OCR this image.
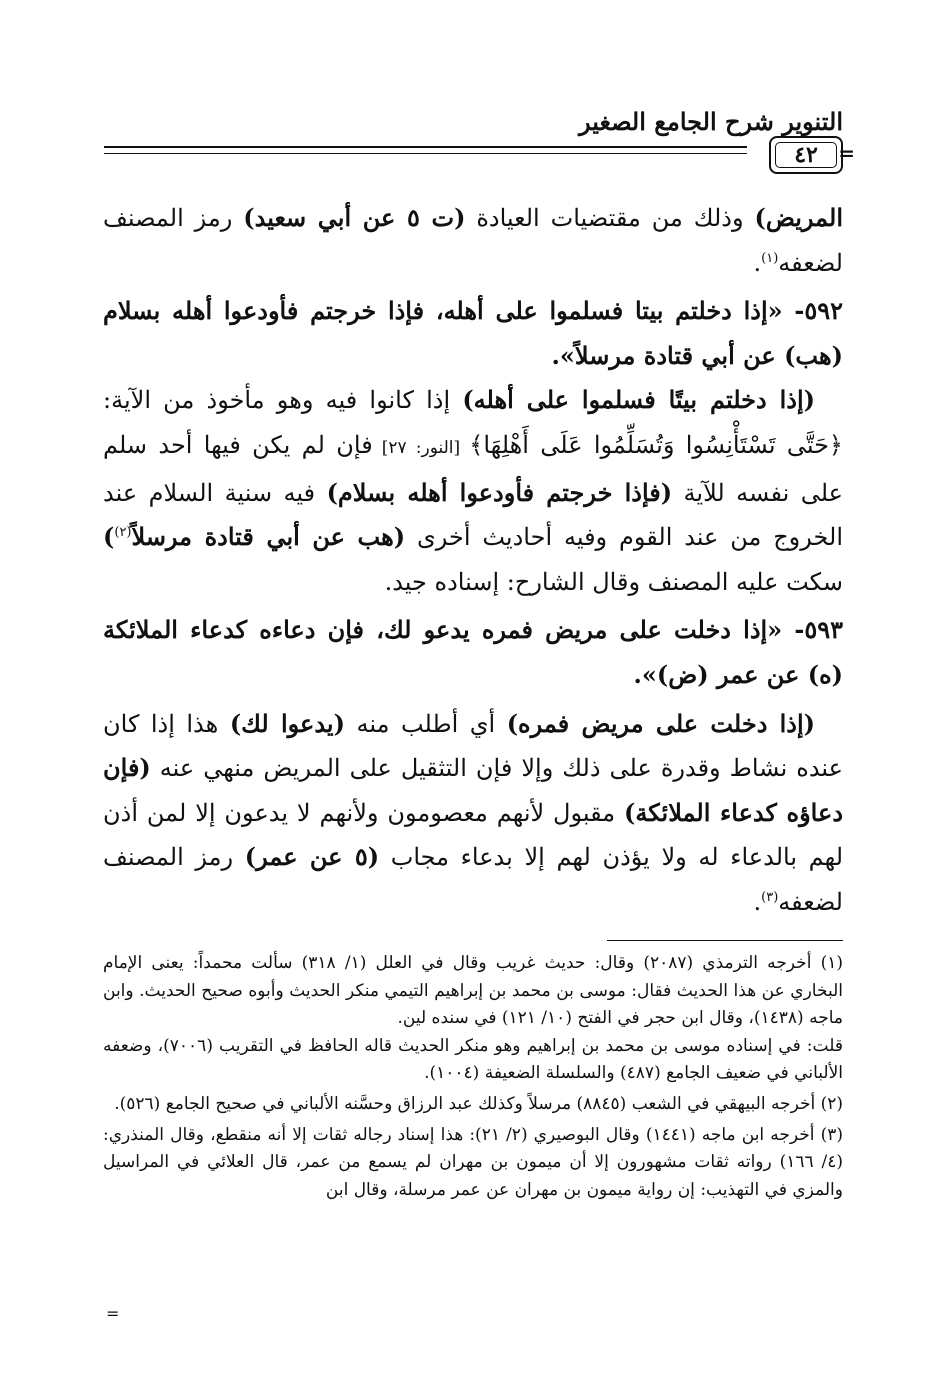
التنوير شرح الجامع الصغير
٤٢ =

المريض) وذلك من مقتضيات العيادة (ت ٥ عن أبي سعيد) رمز المصنف لضعفه$^{(١)}$.

٥٩٢- «إذا دخلتم بيتا فسلموا على أهله، فإذا خرجتم فأودعوا أهله بسلام (هب) عن أبي قتادة مرسلاً».

(إذا دخلتم بيتًا فسلموا على أهله) إذا كانوا فيه وهو مأخوذ من الآية: ﴿حَتَّى تَسْتَأْنِسُوا وَتُسَلِّمُوا عَلَى أَهْلِهَا﴾ [النور: ٢٧] فإن لم يكن فيها أحد سلم على نفسه للآية (فإذا خرجتم فأودعوا أهله بسلام) فيه سنية السلام عند الخروج من عند القوم وفيه أحاديث أخرى (هب عن أبي قتادة مرسلاً$^{(٢)}$) سكت عليه المصنف وقال الشارح: إسناده جيد.

٥٩٣- «إذا دخلت على مريض فمره يدعو لك، فإن دعاءه كدعاء الملائكة (ه) عن عمر (ض)».

(إذا دخلت على مريض فمره) أي أطلب منه (يدعوا لك) هذا إذا كان عنده نشاط وقدرة على ذلك وإلا فإن التثقيل على المريض منهي عنه (فإن دعاؤه كدعاء الملائكة) مقبول لأنهم معصومون ولأنهم لا يدعون إلا لمن أذن لهم بالدعاء له ولا يؤذن لهم إلا بدعاء مجاب (٥ عن عمر) رمز المصنف لضعفه$^{(٣)}$.

(١) أخرجه الترمذي (٢٠٨٧) وقال: حديث غريب وقال في العلل (١/ ٣١٨) سألت محمداً: يعنى الإمام البخاري عن هذا الحديث فقال: موسى بن محمد بن إبراهيم التيمي منكر الحديث وأبوه صحيح الحديث. وابن ماجه (١٤٣٨)، وقال ابن حجر في الفتح (١٠/ ١٢١) في سنده لين.

قلت: في إسناده موسى بن محمد بن إبراهيم وهو منكر الحديث قاله الحافظ في التقريب (٧٠٠٦)، وضعفه الألباني في ضعيف الجامع (٤٨٧) والسلسلة الضعيفة (١٠٠٤).

(٢) أخرجه البيهقي في الشعب (٨٨٤٥) مرسلاً وكذلك عبد الرزاق وحسَّنه الألباني في صحيح الجامع (٥٢٦).

(٣) أخرجه ابن ماجه (١٤٤١) وقال البوصيري (٢/ ٢١): هذا إسناد رجاله ثقات إلا أنه منقطع، وقال المنذري: (٤/ ١٦٦) رواته ثقات مشهورون إلا أن ميمون بن مهران لم يسمع من عمر، قال العلائي في المراسيل والمزي في التهذيب: إن رواية ميمون بن مهران عن عمر مرسلة، وقال ابن

=
